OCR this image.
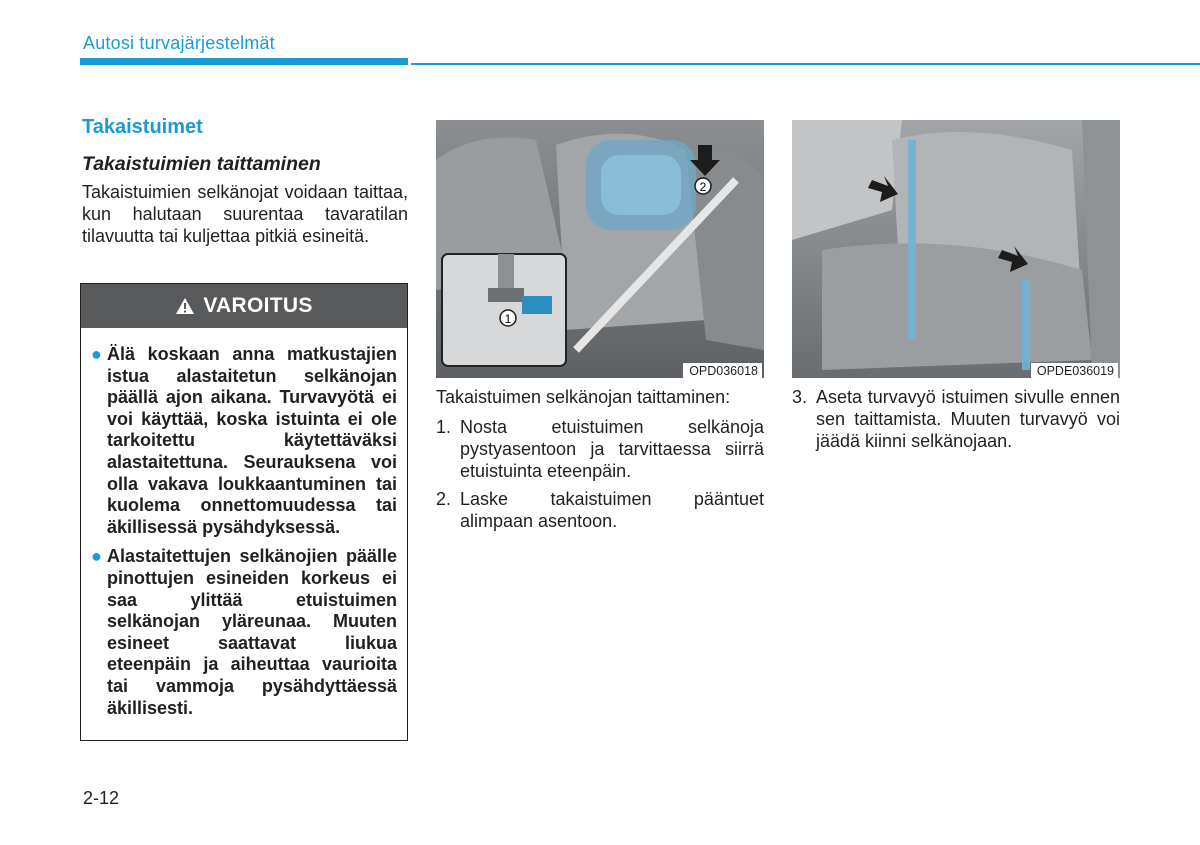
Autosi turvajärjestelmät
Takaistuimet
Takaistuimien taittaminen

Takaistuimien selkänojat voidaan taittaa, kun halutaan suurentaa tavaratilan tilavuutta tai kuljettaa pitkiä esineitä.

VAROITUS
● Älä koskaan anna matkustajien istua alastaitetun selkänojan päällä ajon aikana. Turvavyötä ei voi käyttää, koska istuinta ei ole tarkoitettu käytettäväksi alastaitettuna. Seurauksena voi olla vakava loukkaantuminen tai kuolema onnettomuudessa tai äkillisessä pysähdyksessä.
● Alastaitettujen selkänojien päälle pinottujen esineiden korkeus ei saa ylittää etuistuimen selkänojan yläreunaa. Muuten esineet saattavat liukua eteenpäin ja aiheuttaa vaurioita tai vammoja pysähdyttäessä äkillisesti.
2
1
OPD036018	OPDE036019

Takaistuimen selkänojan taittaminen:

1. Nosta etuistuimen selkänoja pystyasentoon ja tarvittaessa siirrä etuistuinta eteenpäin.
2. Laske takaistuimen pääntuet alimpaan asentoon.
3. Aseta turvavyö istuimen sivulle ennen sen taittamista. Muuten turvavyö voi jäädä kiinni selkänojaan.
2-12
